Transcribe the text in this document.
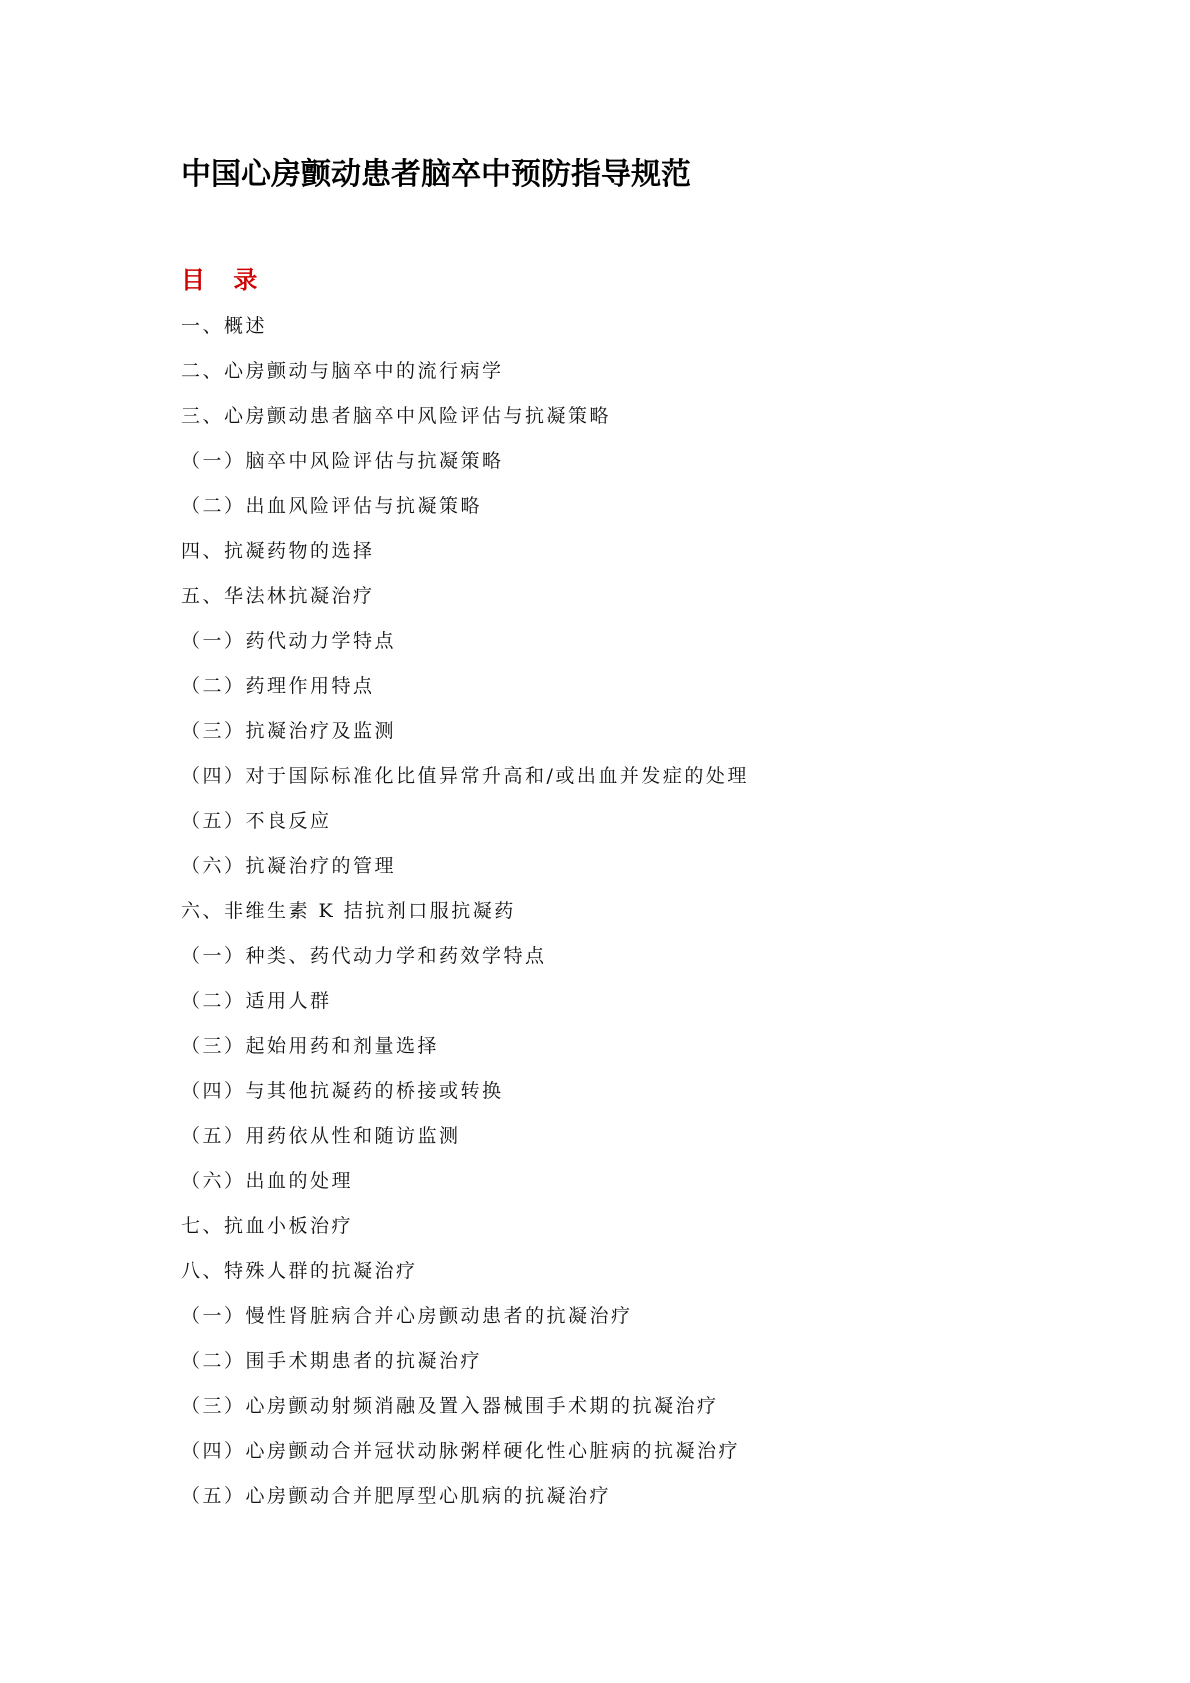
中国心房颤动患者脑卒中预防指导规范
目 录
一、概述
二、心房颤动与脑卒中的流行病学
三、心房颤动患者脑卒中风险评估与抗凝策略
（一）脑卒中风险评估与抗凝策略
（二）出血风险评估与抗凝策略
四、抗凝药物的选择
五、华法林抗凝治疗
（一）药代动力学特点
（二）药理作用特点
（三）抗凝治疗及监测
（四）对于国际标准化比值异常升高和/或出血并发症的处理
（五）不良反应
（六）抗凝治疗的管理
六、非维生素 K 拮抗剂口服抗凝药
（一）种类、药代动力学和药效学特点
（二）适用人群
（三）起始用药和剂量选择
（四）与其他抗凝药的桥接或转换
（五）用药依从性和随访监测
（六）出血的处理
七、抗血小板治疗
八、特殊人群的抗凝治疗
（一）慢性肾脏病合并心房颤动患者的抗凝治疗
（二）围手术期患者的抗凝治疗
（三）心房颤动射频消融及置入器械围手术期的抗凝治疗
（四）心房颤动合并冠状动脉粥样硬化性心脏病的抗凝治疗
（五）心房颤动合并肥厚型心肌病的抗凝治疗
